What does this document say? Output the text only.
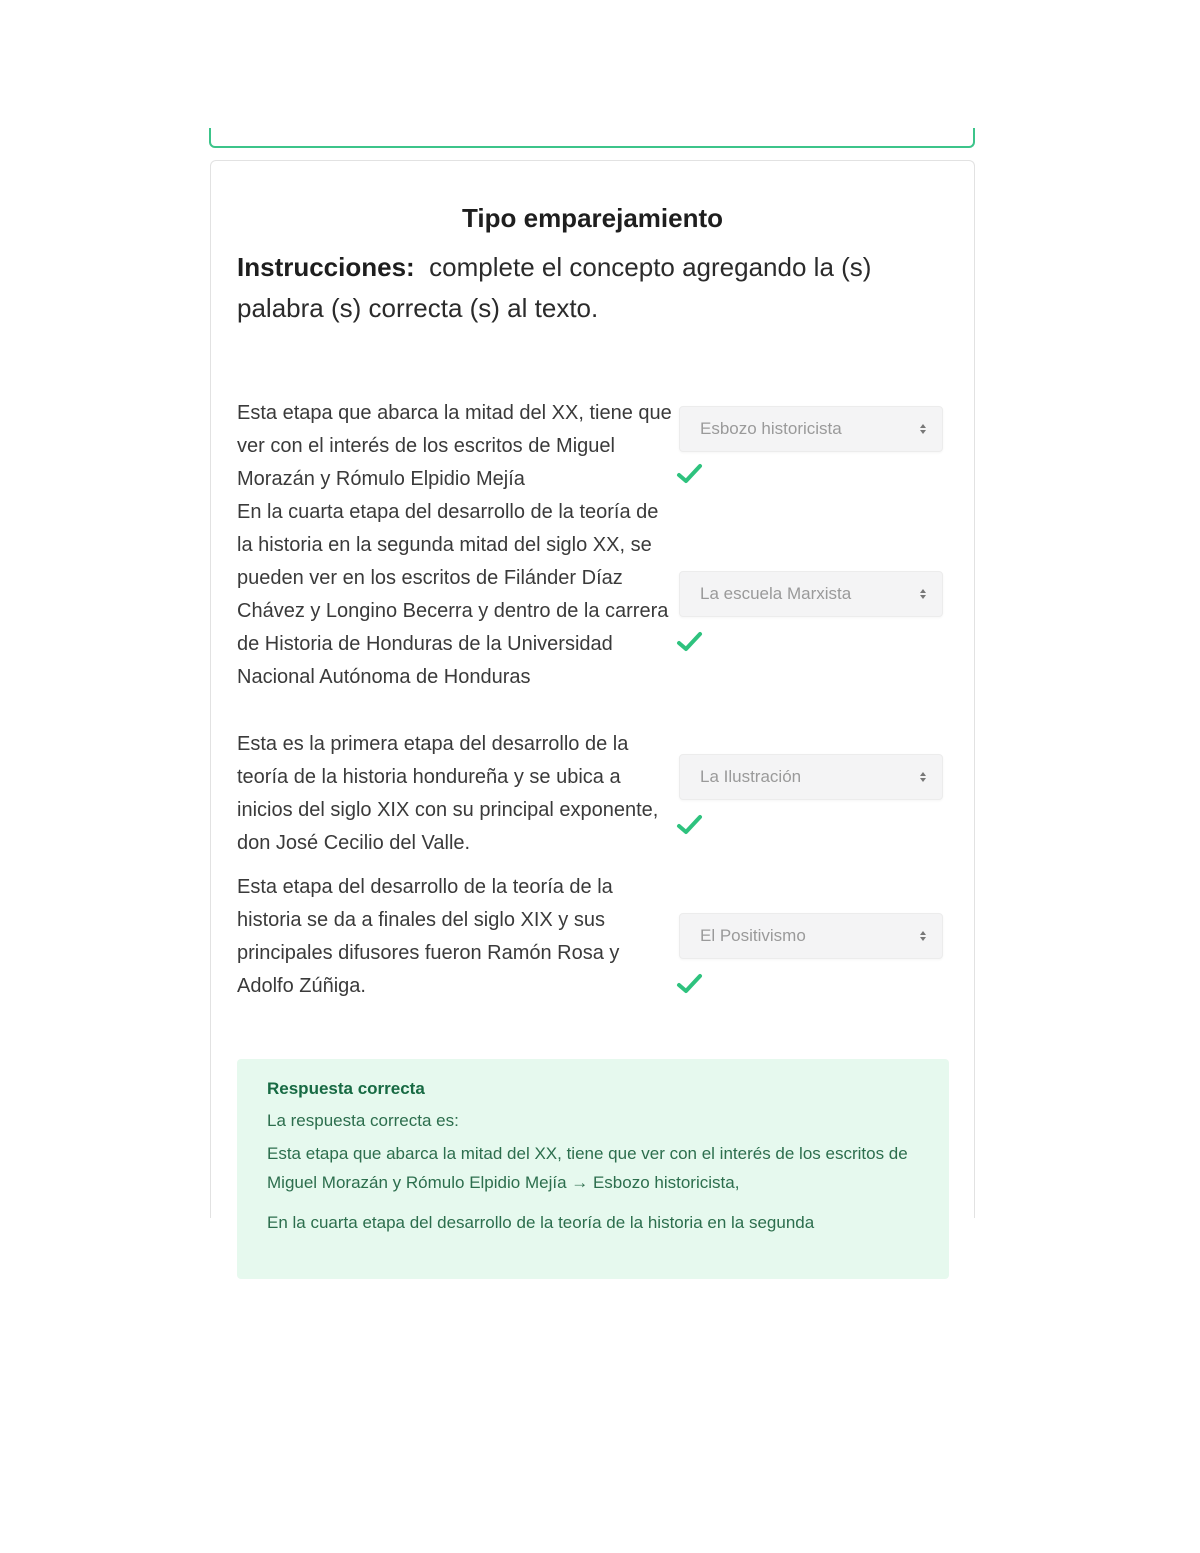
Tipo emparejamiento
Instrucciones: complete el concepto agregando la (s) palabra (s) correcta (s) al texto.
Esta etapa que abarca la mitad del XX, tiene que ver con el interés de los escritos de Miguel Morazán y Rómulo Elpidio Mejía
Esbozo historicista
En la cuarta etapa del desarrollo de la teoría de la historia en la segunda mitad del siglo XX, se pueden ver en los escritos de Filánder Díaz Chávez y Longino Becerra y dentro de la carrera de Historia de Honduras de la Universidad Nacional Autónoma de Honduras
La escuela Marxista
Esta es la primera etapa del desarrollo de la teoría de la historia hondureña y se ubica a inicios del siglo XIX con su principal exponente, don José Cecilio del Valle.
La Ilustración
Esta etapa del desarrollo de la teoría de la historia se da a finales del siglo XIX y sus principales difusores fueron Ramón Rosa y Adolfo Zúñiga.
El Positivismo
Respuesta correcta
La respuesta correcta es:
Esta etapa que abarca la mitad del XX, tiene que ver con el interés de los escritos de Miguel Morazán y Rómulo Elpidio Mejía → Esbozo historicista,
En la cuarta etapa del desarrollo de la teoría de la historia en la segunda
